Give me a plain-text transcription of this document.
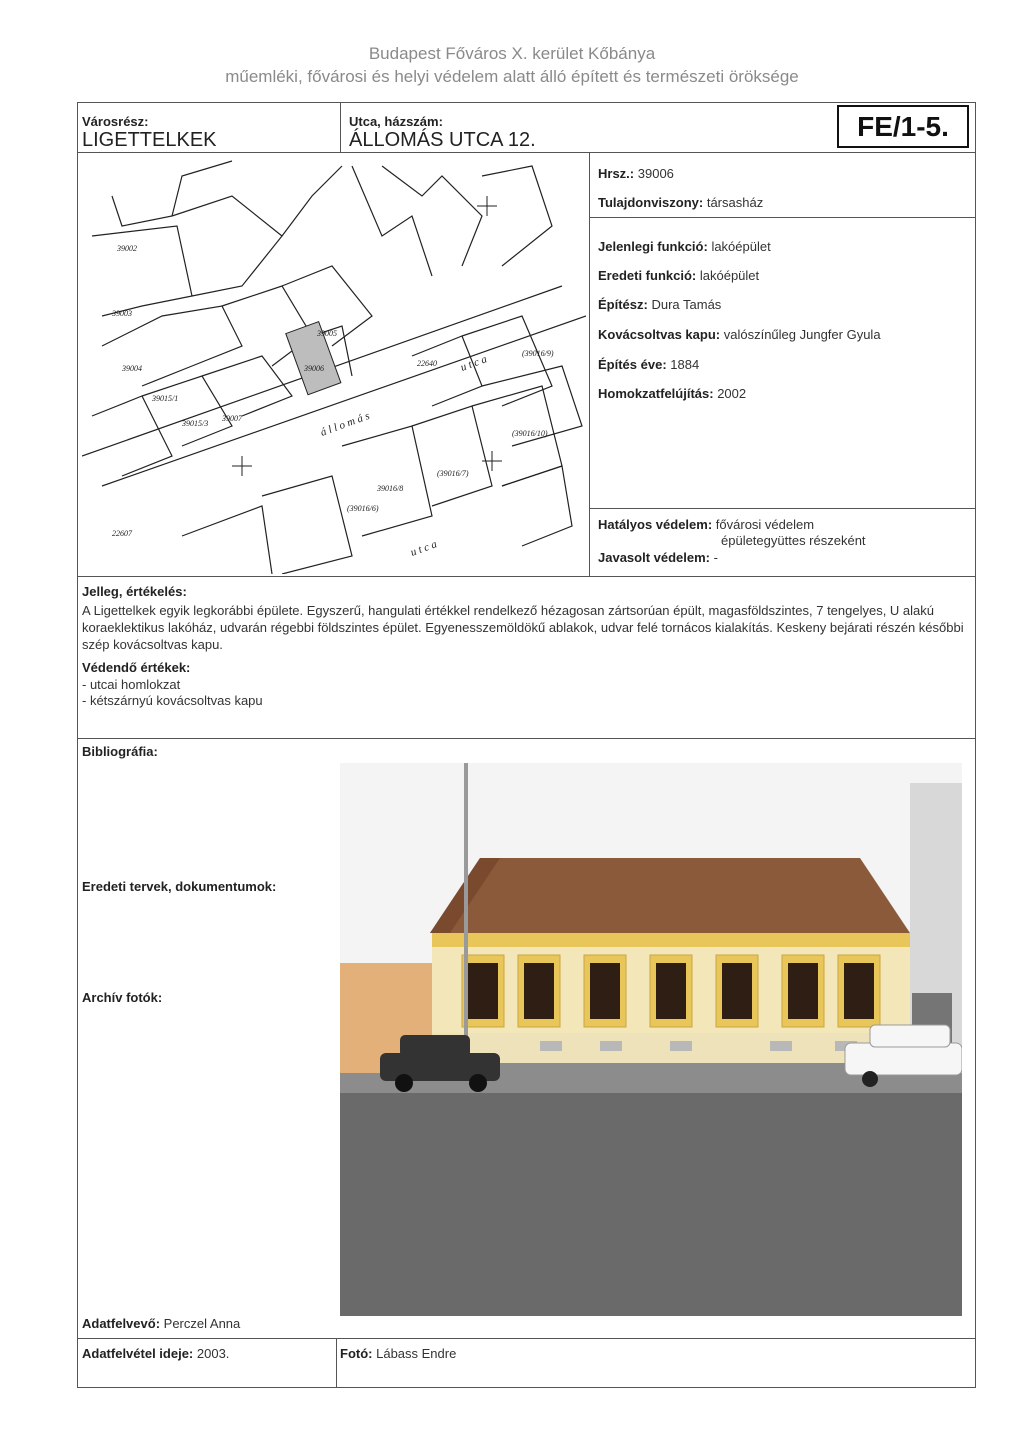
Budapest Főváros X. kerület Kőbánya
műemléki, fővárosi és helyi védelem alatt álló épített és természeti öröksége
Városrész:
LIGETTELKEK
Utca, házszám:
ÁLLOMÁS UTCA 12.	FE/1-5.
39005
39006
39002
39004
39003
39007
39015/1
39015/3
(39016/9)
(39016/10)
(39016/7)
39016/8
(39016/6)
22640
22607
á l l o m á s
u t c a
u t c a
Hrsz.: 39006
Tulajdonviszony: társasház
Jelenlegi funkció: lakóépület
Eredeti funkció: lakóépület
Építész: Dura Tamás
Kovácsoltvas kapu: valószínűleg Jungfer Gyula
Építés éve: 1884
Homokzatfelújítás: 2002
Hatályos védelem: fővárosi védelem
épületegyüttes részeként
Javasolt védelem: -
Jelleg, értékelés:
A Ligettelkek egyik legkorábbi épülete. Egyszerű, hangulati értékkel rendelkező hézagosan zártsorúan épült, magasföldszintes, 7 tengelyes, U alakú koraeklektikus lakóház, udvarán régebbi földszintes épület. Egyenesszemöldökű ablakok, udvar felé tornácos kialakítás. Keskeny bejárati részén későbbi szép kovácsoltvas kapu.
Védendő értékek:
- utcai homlokzat
- kétszárnyú kovácsoltvas kapu
Bibliográfia:
Eredeti tervek, dokumentumok:
Archív fotók:
Adatfelvevő: Perczel Anna
Adatfelvétel ideje: 2003.	Fotó: Lábass Endre
